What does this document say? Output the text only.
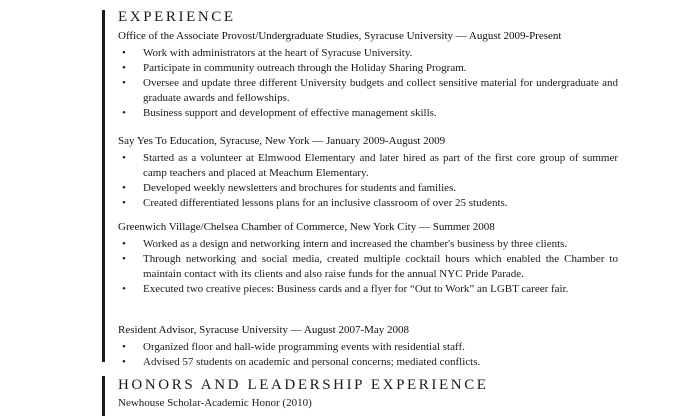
EXPERIENCE
Office of the Associate Provost/Undergraduate Studies, Syracuse University — August 2009-Present
• Work with administrators at the heart of Syracuse University.
• Participate in community outreach through the Holiday Sharing Program.
• Oversee and update three different University budgets and collect sensitive material for undergraduate and graduate awards and fellowships.
• Business support and development of effective management skills.
Say Yes To Education, Syracuse, New York — January 2009-August 2009
• Started as a volunteer at Elmwood Elementary and later hired as part of the first core group of summer camp teachers and placed at Meachum Elementary.
• Developed weekly newsletters and brochures for students and families.
• Created differentiated lessons plans for an inclusive classroom of over 25 students.
Greenwich Village/Chelsea Chamber of Commerce, New York City — Summer 2008
• Worked as a design and networking intern and increased the chamber's business by three clients.
• Through networking and social media, created multiple cocktail hours which enabled the Chamber to maintain contact with its clients and also raise funds for the annual NYC Pride Parade.
• Executed two creative pieces: Business cards and a flyer for “Out to Work” an LGBT career fair.
Resident Advisor, Syracuse University — August 2007-May 2008
• Organized floor and hall-wide programming events with residential staff.
• Advised 57 students on academic and personal concerns; mediated conflicts.
HONORS AND LEADERSHIP EXPERIENCE
Newhouse Scholar-Academic Honor (2010)
